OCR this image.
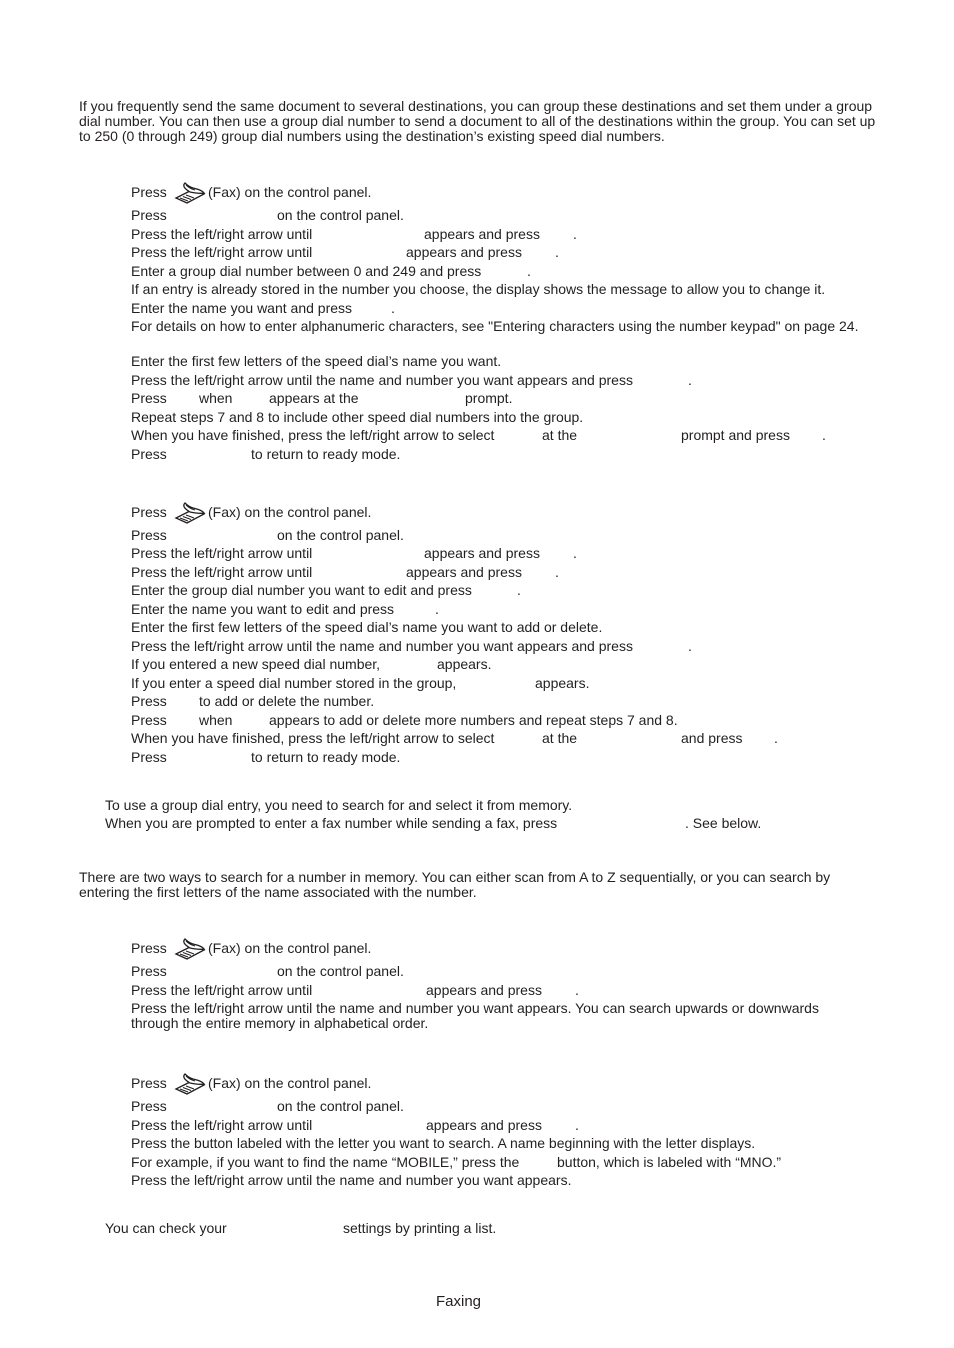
If you frequently send the same document to several destinations, you can group these destinations and set them under a group dial number. You can then use a group dial number to send a document to all of the destinations within the group. You can set up to 250 (0 through 249) group dial numbers using the destination’s existing speed dial numbers.

Press	(Fax) on the control panel.
Press	on the control panel.
Press the left/right arrow until	appears and press .
Press the left/right arrow until	appears and press .
Enter a group dial number between 0 and 249 and press	.
If an entry is already stored in the number you choose, the display shows the message to allow you to change it.
Enter the name you want and press	.
For details on how to enter alphanumeric characters, see "Entering characters using the number keypad" on page 24.
Enter the first few letters of the speed dial’s name you want.
Press the left/right arrow until the name and number you want appears and press	.
Press when	appears at the	prompt.
Repeat steps 7 and 8 to include other speed dial numbers into the group.
When you have finished, press the left/right arrow to select	at the	prompt and press .
Press	to return to ready mode.
Press	(Fax) on the control panel.
Press	on the control panel.
Press the left/right arrow until	appears and press .
Press the left/right arrow until	appears and press .
Enter the group dial number you want to edit and press	.
Enter the name you want to edit and press	.
Enter the first few letters of the speed dial’s name you want to add or delete.
Press the left/right arrow until the name and number you want appears and press	.
If you entered a new speed dial number,	appears.
If you enter a speed dial number stored in the group,	appears.
Press to add or delete the number.
Press when	appears to add or delete more numbers and repeat steps 7 and 8.
When you have finished, press the left/right arrow to select	at the	and press .
Press	to return to ready mode.
To use a group dial entry, you need to search for and select it from memory.
When you are prompted to enter a fax number while sending a fax, press	. See below.

There are two ways to search for a number in memory. You can either scan from A to Z sequentially, or you can search by entering the first letters of the name associated with the number.

Press	(Fax) on the control panel.
Press	on the control panel.
Press the left/right arrow until	appears and press .
Press the left/right arrow until the name and number you want appears. You can search upwards or downwards through the entire memory in alphabetical order.
Press	(Fax) on the control panel.
Press	on the control panel.
Press the left/right arrow until	appears and press .
Press the button labeled with the letter you want to search. A name beginning with the letter displays.
For example, if you want to find the name “MOBILE,” press the	button, which is labeled with “MNO.”
Press the left/right arrow until the name and number you want appears.
You can check your	settings by printing a list.
Faxing
